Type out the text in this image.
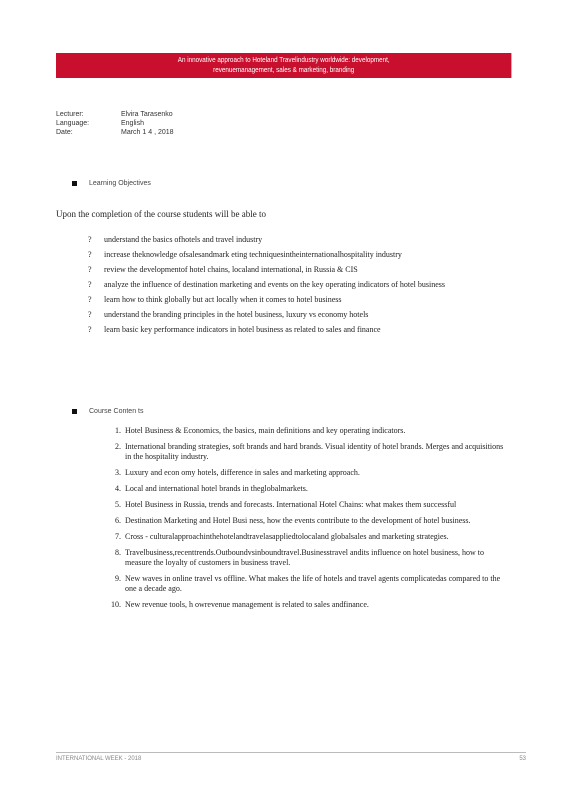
An innovative approach to Hoteland Travelindustry worldwide: development,
revenuemanagement, sales & marketing, branding
Lecturer:	Elvira Tarasenko
Language:	English
Date:	March 1 4 , 2018
Learning Objectives
Upon the completion of the course students will be able to
?	understand the basics ofhotels and travel industry
?	increase theknowledge ofsalesandmark eting techniquesintheinternationalhospitality industry
?	review the developmentof hotel chains, localand international, in Russia & CIS
?	analyze the influence of destination marketing and events on the key operating indicators of hotel business
?	learn how to think globally but act locally when it comes to hotel business
?	understand the branding principles in the hotel business, luxury vs economy hotels
?	learn basic key performance indicators in hotel business as related to sales and finance
Course Conten ts
1. Hotel Business & Economics, the basics, main definitions and key operating indicators.
2. International branding strategies, soft brands and hard brands. Visual identity of hotel brands. Merges and acquisitions in the hospitality industry.
3. Luxury and econ omy hotels, difference in sales and marketing approach.
4. Local and international hotel brands in theglobalmarkets.
5. Hotel Business in Russia, trends and forecasts. International Hotel Chains: what makes them successful
6. Destination Marketing and Hotel Busi ness, how the events contribute to the development of hotel business.
7. Cross - culturalapproachinthehotelandtravelasappliedtolocaland globalsales and marketing strategies.
8. Travelbusiness,recenttrends.Outboundvsinboundtravel.Businesstravel andits influence on hotel business, how to measure the loyalty of customers in business travel.
9. New waves in online travel vs offline. What makes the life of hotels and travel agents complicatedas compared to the one a decade ago.
10. New revenue tools, h owrevenue management is related to sales andfinance.
INTERNATIONAL WEEK - 2018	53
